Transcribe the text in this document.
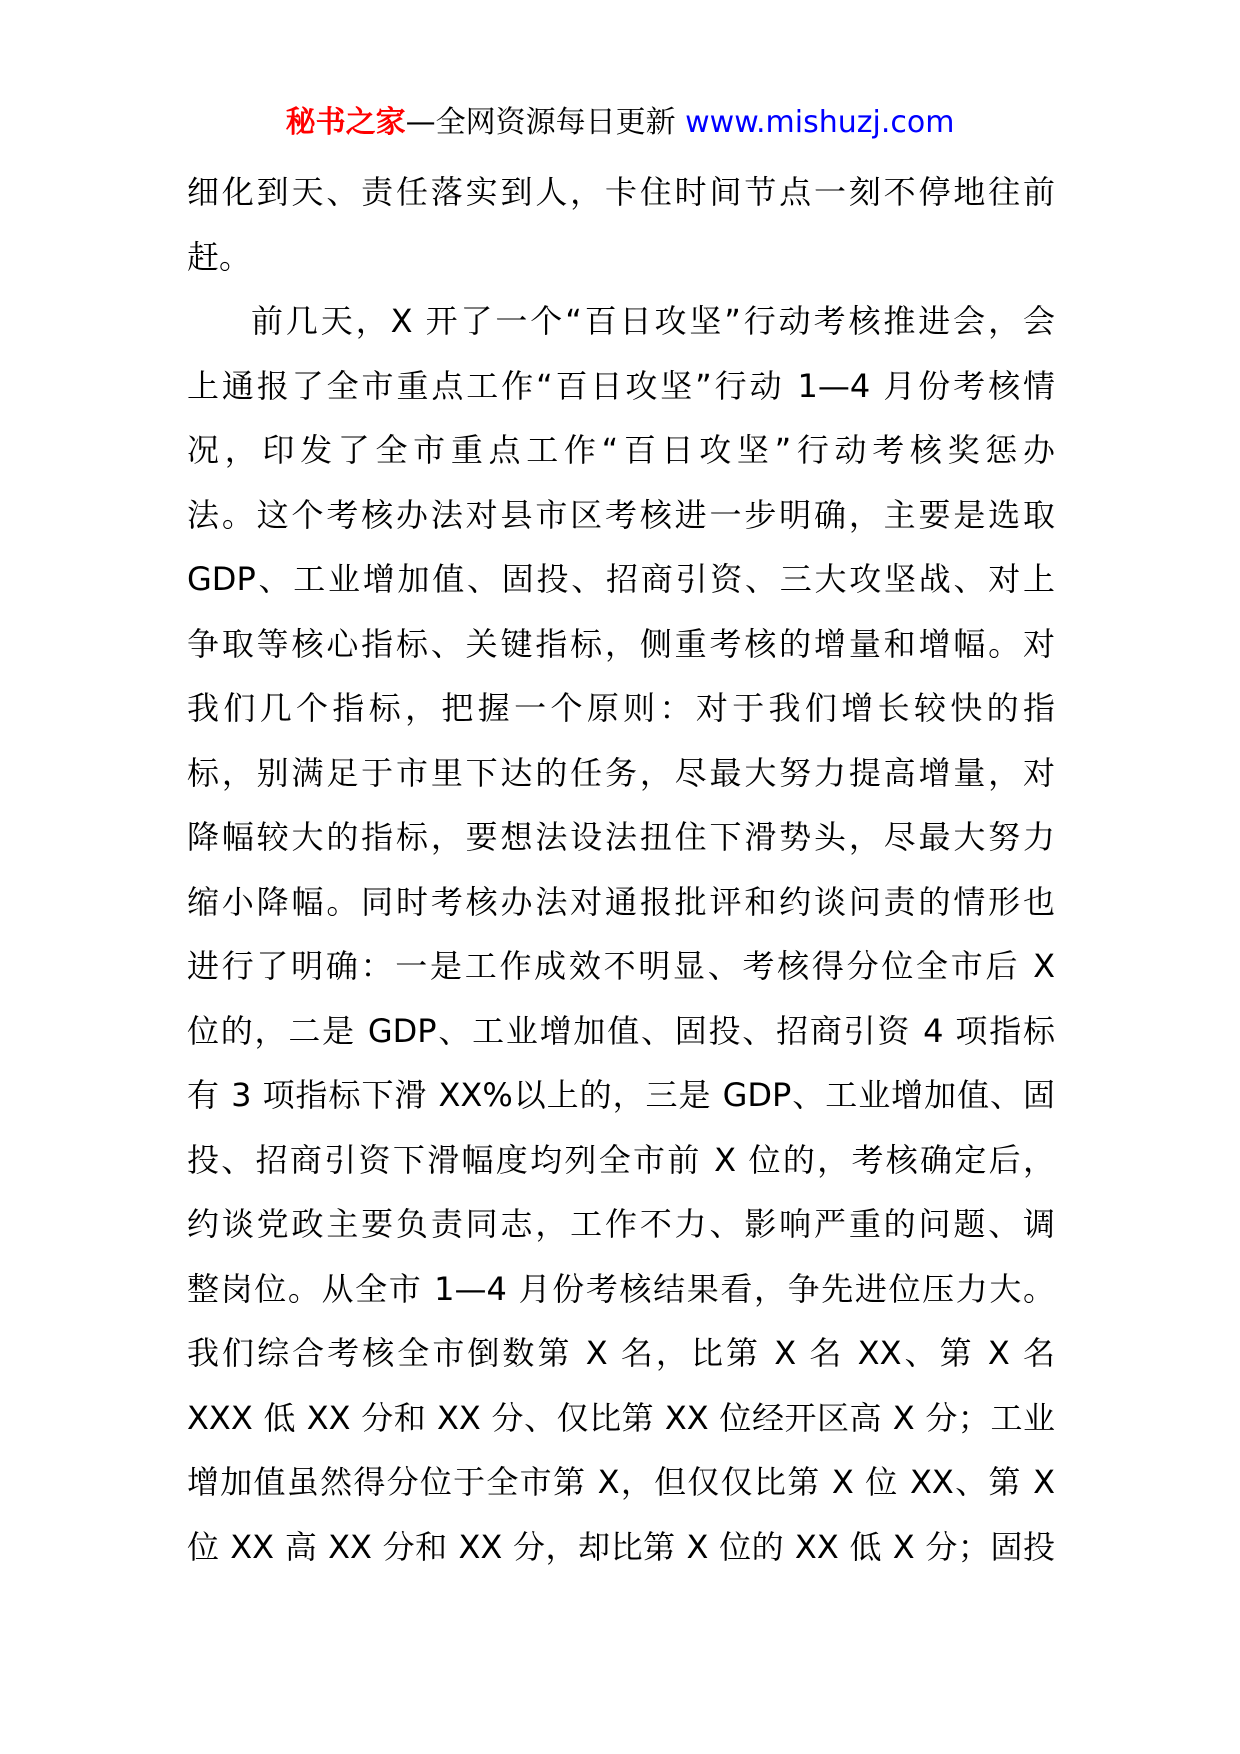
秘书之家—全网资源每日更新 www.mishuzj.com
细化到天、责任落实到人，卡住时间节点一刻不停地往前
赶。
前几天，X 开了一个“百日攻坚”行动考核推进会，会
上通报了全市重点工作“百日攻坚”行动 1—4 月份考核情
况，印发了全市重点工作“百日攻坚”行动考核奖惩办
法。这个考核办法对县市区考核进一步明确，主要是选取
GDP、工业增加值、固投、招商引资、三大攻坚战、对上
争取等核心指标、关键指标，侧重考核的增量和增幅。对
我们几个指标，把握一个原则：对于我们增长较快的指
标，别满足于市里下达的任务，尽最大努力提高增量，对
降幅较大的指标，要想法设法扭住下滑势头，尽最大努力
缩小降幅。同时考核办法对通报批评和约谈问责的情形也
进行了明确：一是工作成效不明显、考核得分位全市后 X
位的，二是 GDP、工业增加值、固投、招商引资 4 项指标
有 3 项指标下滑 XX%以上的，三是 GDP、工业增加值、固
投、招商引资下滑幅度均列全市前 X 位的，考核确定后，
约谈党政主要负责同志，工作不力、影响严重的问题、调
整岗位。从全市 1—4 月份考核结果看，争先进位压力大。
我们综合考核全市倒数第 X 名，比第 X 名 XX、第 X 名
XXX 低 XX 分和 XX 分、仅比第 XX 位经开区高 X 分；工业
增加值虽然得分位于全市第 X，但仅仅比第 X 位 XX、第 X
位 XX 高 XX 分和 XX 分，却比第 X 位的 XX 低 X 分；固投
